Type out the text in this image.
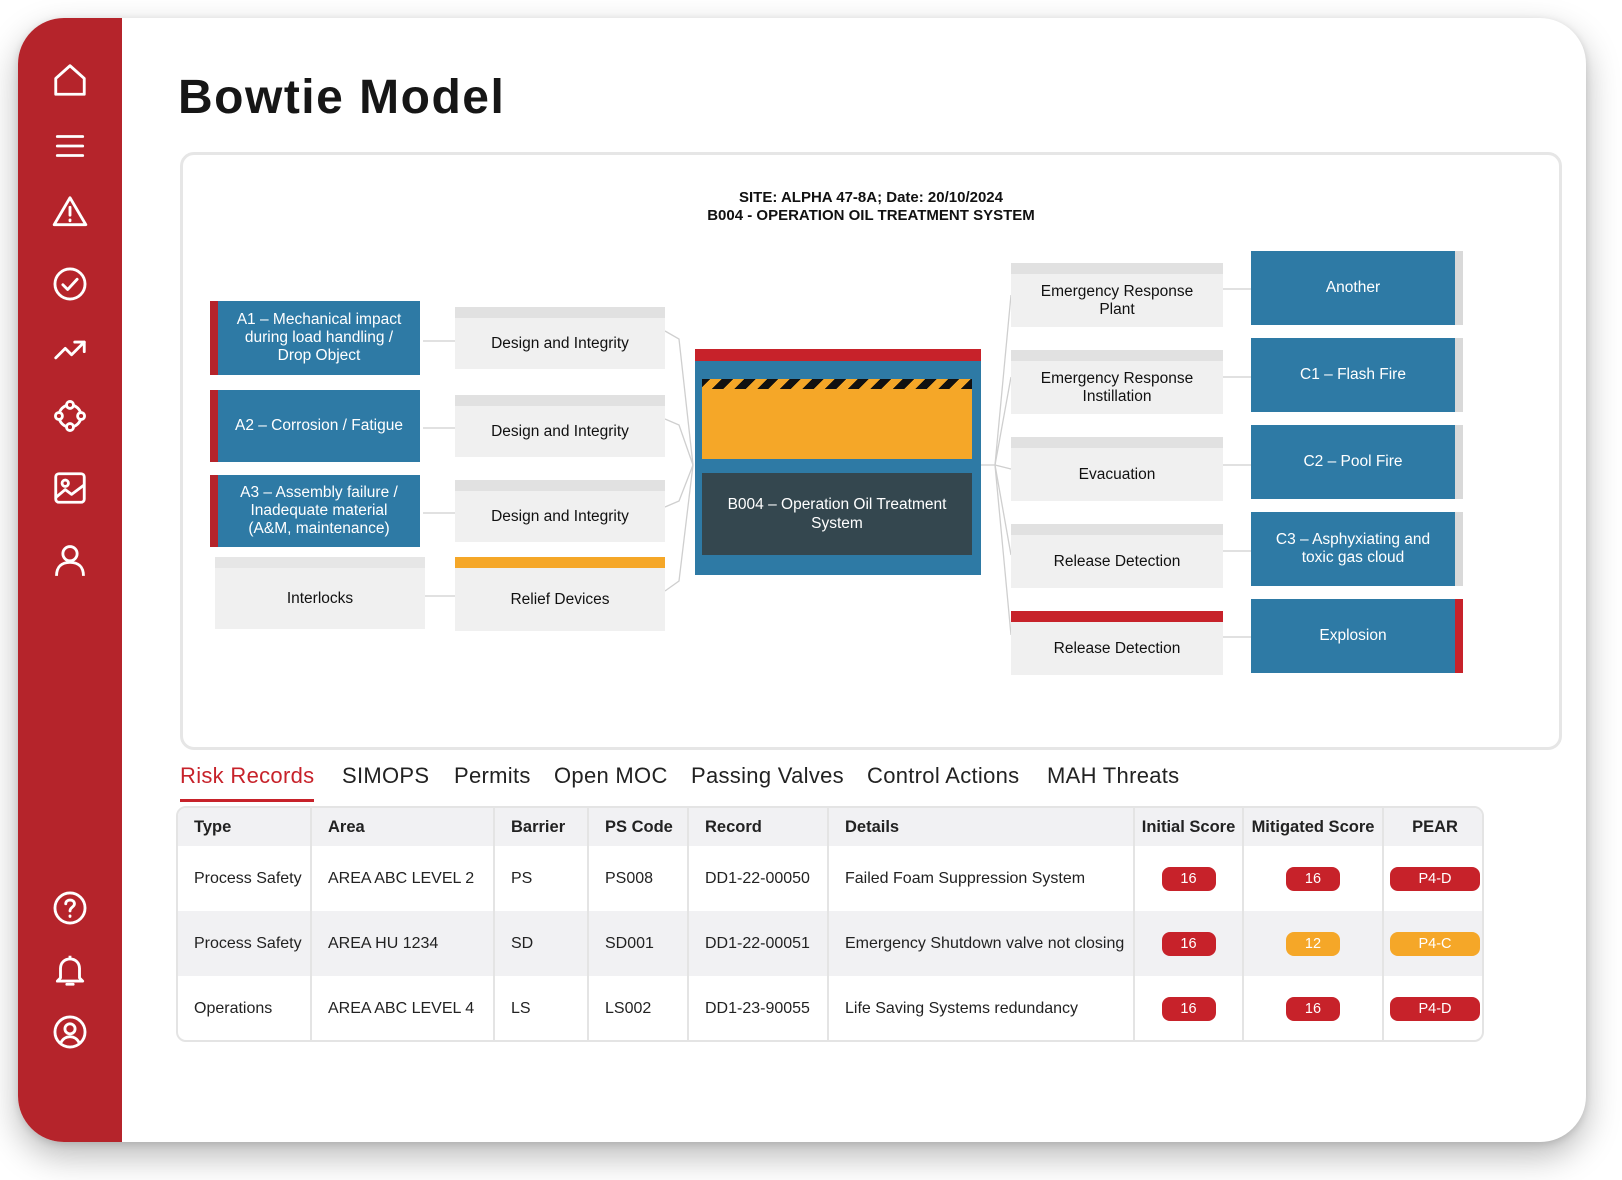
Bowtie Model
SITE: ALPHA 47-8A; Date: 20/10/2024
B004 - OPERATION OIL TREATMENT SYSTEM
A1 – Mechanical impact during load handling / Drop Object
A2 – Corrosion / Fatigue
A3 – Assembly failure / Inadequate material (A&M, maintenance)
Interlocks
Design and Integrity
Design and Integrity
Design and Integrity
Relief Devices
B004 – Operation Oil Treatment System
Emergency Response Plant
Emergency Response Instillation
Evacuation
Release Detection
Release Detection
Another
C1 – Flash Fire
C2 – Pool Fire
C3 – Asphyxiating and toxic gas cloud
Explosion
Risk Records SIMOPS Permits Open MOC Passing Valves Control Actions MAH Threats
Type	Area	Barrier	PS Code	Record	Details	Initial Score	Mitigated Score	PEAR
Process Safety	AREA ABC LEVEL 2	PS	PS008	DD1-22-00050	Failed Foam Suppression System	16	16	P4-D
Process Safety	AREA HU 1234	SD	SD001	DD1-22-00051	Emergency Shutdown valve not closing	16	12	P4-C
Operations	AREA ABC LEVEL 4	LS	LS002	DD1-23-90055	Life Saving Systems redundancy	16	16	P4-D
